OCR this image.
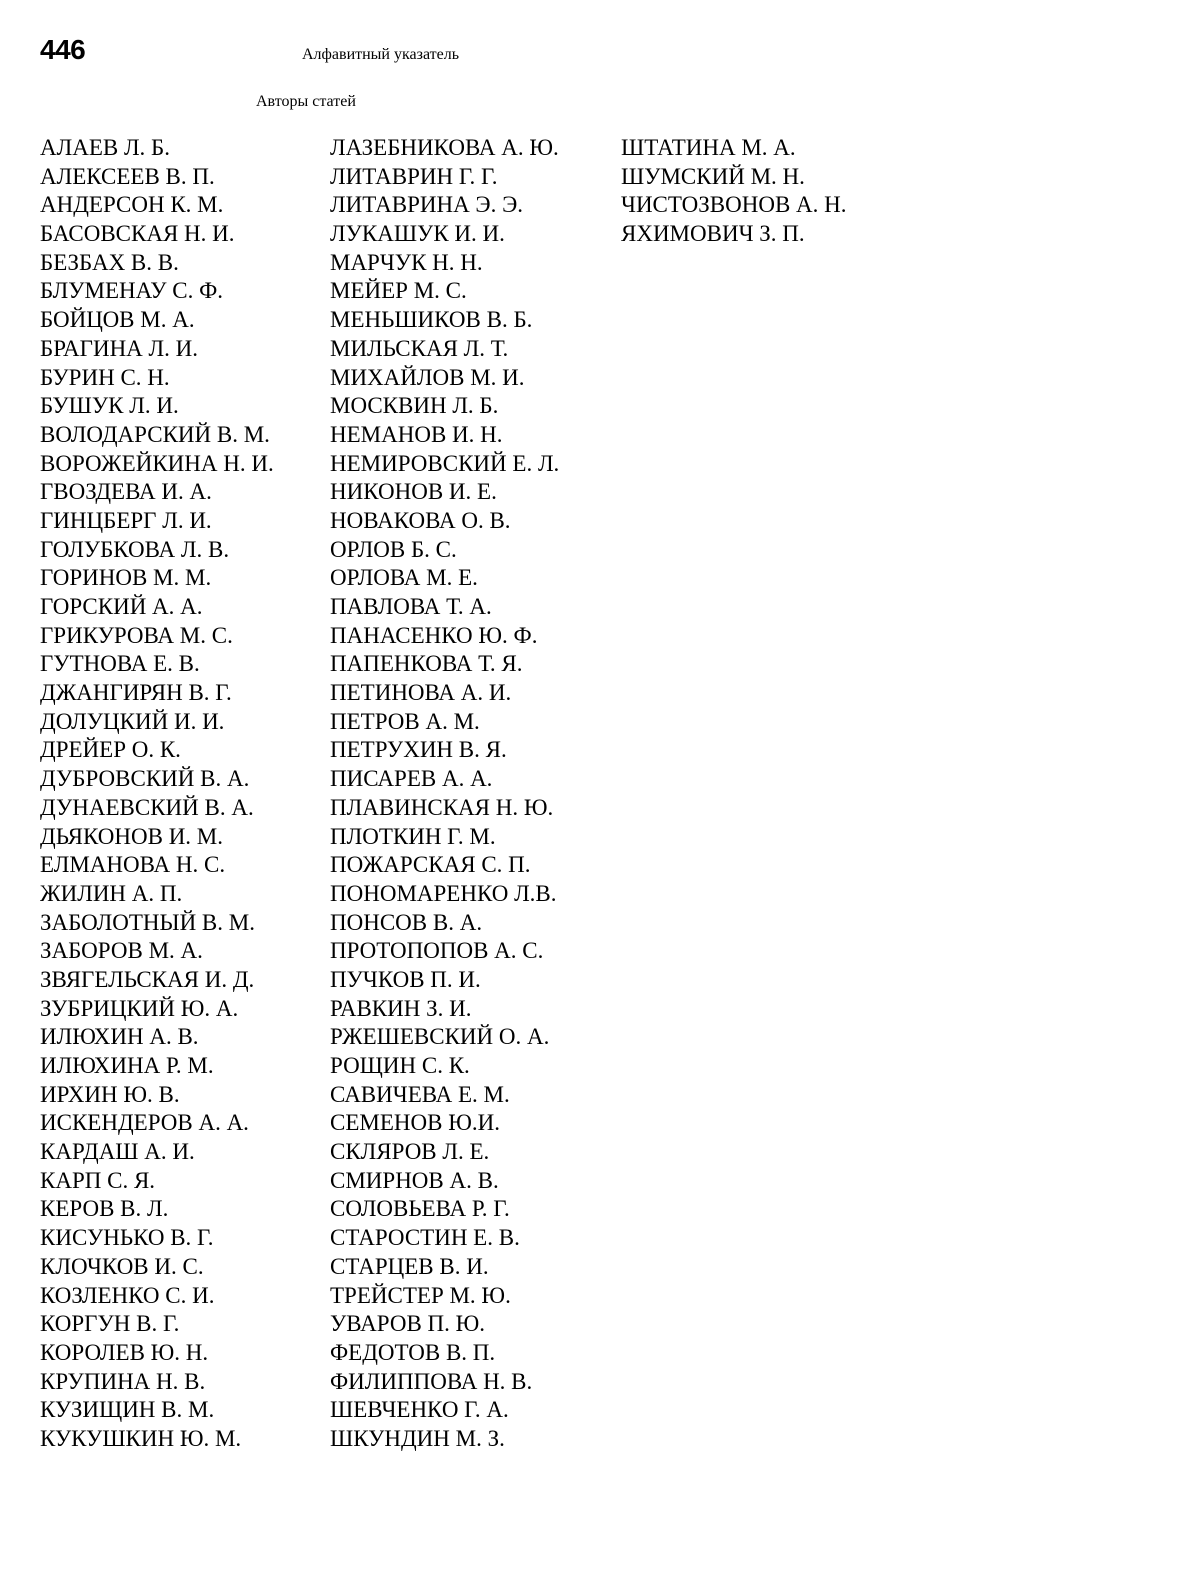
446	Алфавитный указатель
Авторы статей
АЛАЕВ Л. Б.
АЛЕКСЕЕВ В. П.
АНДЕРСОН К. М.
БАСОВСКАЯ Н. И.
БЕЗБАХ В. В.
БЛУМЕНАУ С. Ф.
БОЙЦОВ М. А.
БРАГИНА Л. И.
БУРИН С. Н.
БУШУК Л. И.
ВОЛОДАРСКИЙ В. М.
ВОРОЖЕЙКИНА Н. И.
ГВОЗДЕВА И. А.
ГИНЦБЕРГ Л. И.
ГОЛУБКОВА Л. В.
ГОРИНОВ М. М.
ГОРСКИЙ А. А.
ГРИКУРОВА М. С.
ГУТНОВА Е. В.
ДЖАНГИРЯН В. Г.
ДОЛУЦКИЙ И. И.
ДРЕЙЕР О. К.
ДУБРОВСКИЙ В. А.
ДУНАЕВСКИЙ В. А.
ДЬЯКОНОВ И. М.
ЕЛМАНОВА Н. С.
ЖИЛИН А. П.
ЗАБОЛОТНЫЙ В. М.
ЗАБОРОВ М. А.
ЗВЯГЕЛЬСКАЯ И. Д.
ЗУБРИЦКИЙ Ю. А.
ИЛЮХИН А. В.
ИЛЮХИНА Р. М.
ИРХИН Ю. В.
ИСКЕНДЕРОВ А. А.
КАРДАШ А. И.
КАРП С. Я.
КЕРОВ В. Л.
КИСУНЬКО В. Г.
КЛОЧКОВ И. С.
КОЗЛЕНКО С. И.
КОРГУН В. Г.
КОРОЛЕВ Ю. Н.
КРУПИНА Н. В.
КУЗИЩИН В. М.
КУКУШКИН Ю. М.
ЛАЗЕБНИКОВА А. Ю.
ЛИТАВРИН Г. Г.
ЛИТАВРИНА Э. Э.
ЛУКАШУК И. И.
МАРЧУК Н. Н.
МЕЙЕР М. С.
МЕНЬШИКОВ В. Б.
МИЛЬСКАЯ Л. Т.
МИХАЙЛОВ М. И.
МОСКВИН Л. Б.
НЕМАНОВ И. Н.
НЕМИРОВСКИЙ Е. Л.
НИКОНОВ И. Е.
НОВАКОВА О. В.
ОРЛОВ Б. С.
ОРЛОВА М. Е.
ПАВЛОВА Т. А.
ПАНАСЕНКО Ю. Ф.
ПАПЕНКОВА Т. Я.
ПЕТИНОВА А. И.
ПЕТРОВ А. М.
ПЕТРУХИН В. Я.
ПИСАРЕВ А. А.
ПЛАВИНСКАЯ Н. Ю.
ПЛОТКИН Г. М.
ПОЖАРСКАЯ С. П.
ПОНОМАРЕНКО Л.В.
ПОНСОВ В. А.
ПРОТОПОПОВ А. С.
ПУЧКОВ П. И.
РАВКИН З. И.
РЖЕШЕВСКИЙ О. А.
РОЩИН С. К.
САВИЧЕВА Е. М.
СЕМЕНОВ Ю.И.
СКЛЯРОВ Л. Е.
СМИРНОВ А. В.
СОЛОВЬЕВА Р. Г.
СТАРОСТИН Е. В.
СТАРЦЕВ В. И.
ТРЕЙСТЕР М. Ю.
УВАРОВ П. Ю.
ФЕДОТОВ В. П.
ФИЛИППОВА Н. В.
ШЕВЧЕНКО Г. А.
ШКУНДИН М. З.
ШТАТИНА М. А.
ШУМСКИЙ М. Н.
ЧИСТОЗВОНОВ А. Н.
ЯХИМОВИЧ З. П.
